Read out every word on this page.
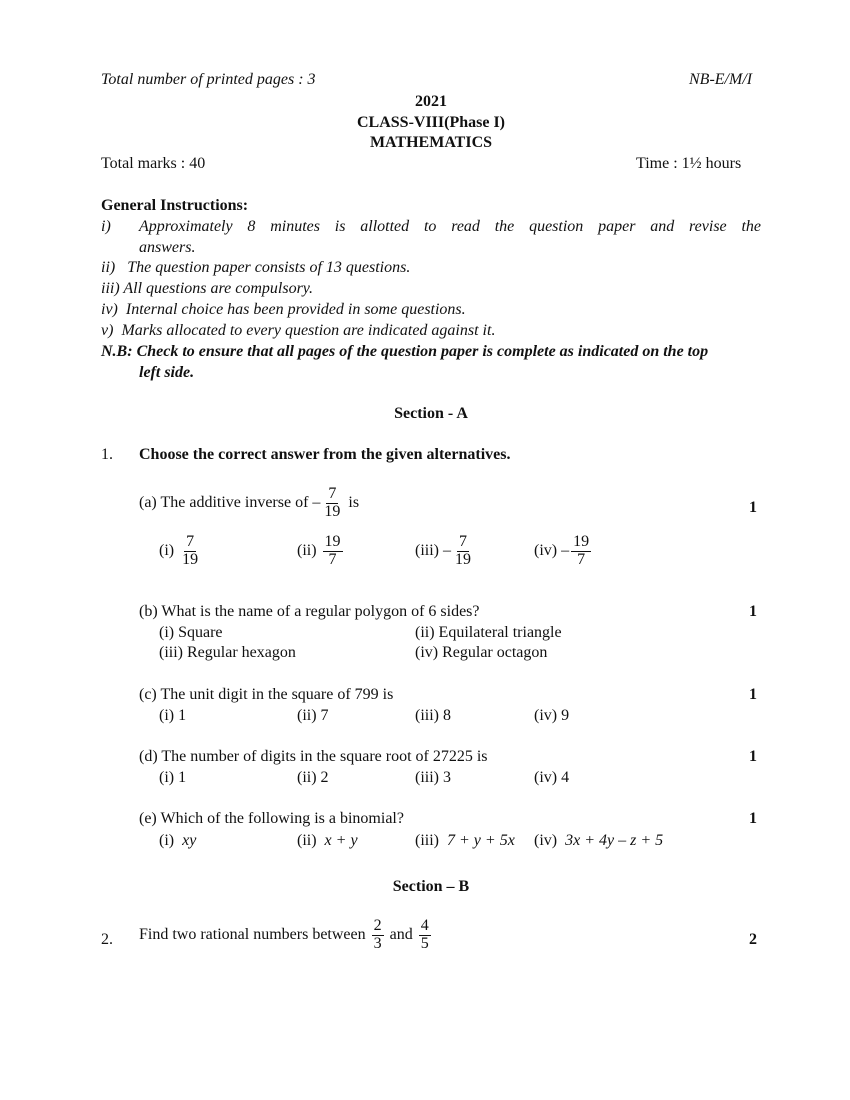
Total number of printed pages : 3	NB-E/M/I
2021
CLASS-VIII(Phase I)
MATHEMATICS
Total marks : 40	Time : 1½ hours
General Instructions:
i) Approximately 8 minutes is allotted to read the question paper and revise the
answers.
ii) The question paper consists of 13 questions.
iii) All questions are compulsory.
iv) Internal choice has been provided in some questions.
v) Marks allocated to every question are indicated against it.
N.B: Check to ensure that all pages of the question paper is complete as indicated on the top
left side.
Section - A
1. Choose the correct answer from the given alternatives.
(a) The additive inverse of – $\frac{7}{19}$ is	1
$(i) \frac{7}{19}$	$(ii) \frac{19}{7}$	$(iii) - \frac{7}{19}$	$(iv) - \frac{19}{7}$
(b) What is the name of a regular polygon of 6 sides?	1
(i) Square	(ii) Equilateral triangle
(iii) Regular hexagon	(iv) Regular octagon
(c) The unit digit in the square of 799 is	1
(i) 1	(ii) 7	(iii) 8	(iv) 9
(d) The number of digits in the square root of 27225 is	1
(i) 1	(ii) 2	(iii) 3	(iv) 4
(e) Which of the following is a binomial?	1
(i) xy	(ii) x + y	(iii) 7 + y + 5x (iv) 3x + 4y – z + 5
Section – B
2. Find two rational numbers between $\frac{2}{3}$ and $\frac{4}{5}$	2
